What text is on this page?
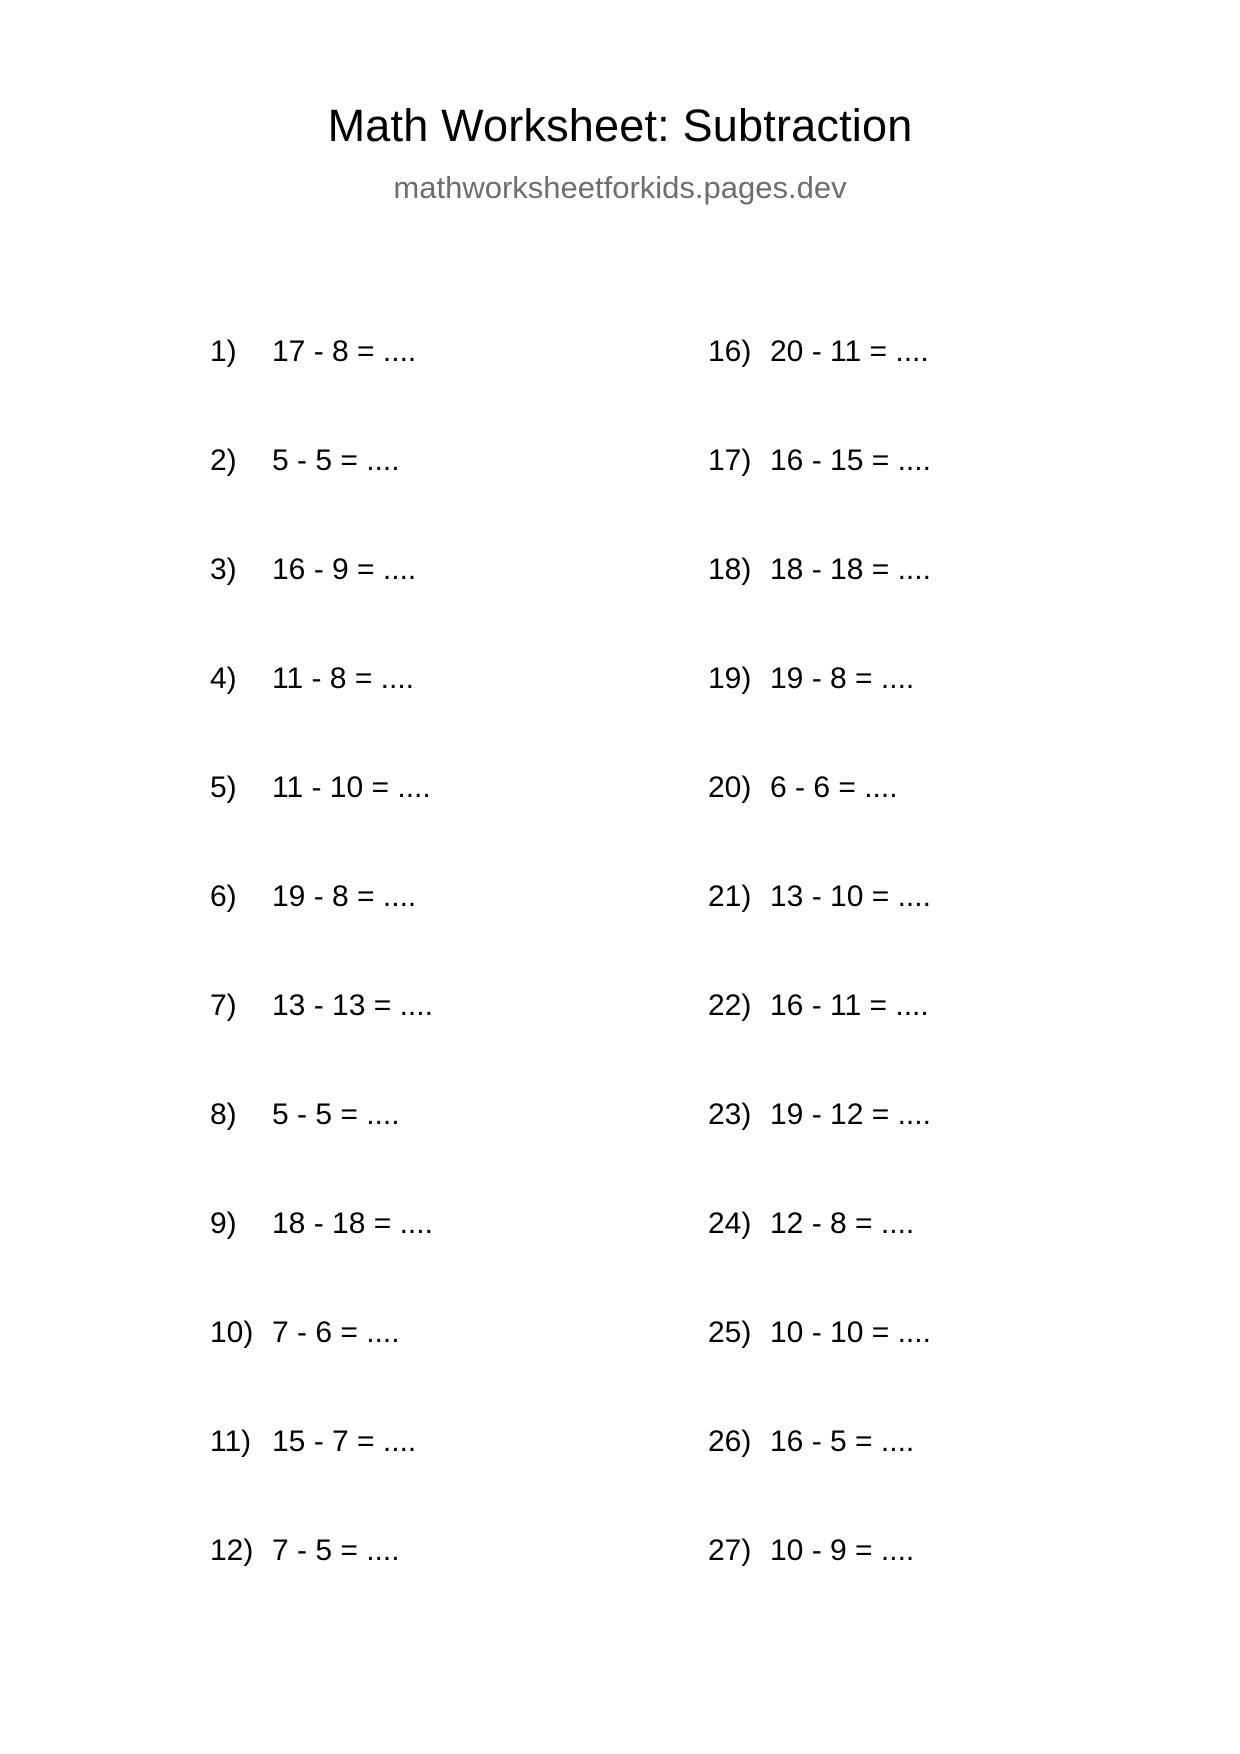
Math Worksheet: Subtraction
mathworksheetforkids.pages.dev
1)	17 - 8 = ....	16) 20 - 11 = ....
2)	5 - 5 = ....	17) 16 - 15 = ....
3)	16 - 9 = ....	18) 18 - 18 = ....
4)	11 - 8 = ....	19) 19 - 8 = ....
5)	11 - 10 = ....	20) 6 - 6 = ....
6)	19 - 8 = ....	21) 13 - 10 = ....
7)	13 - 13 = ....	22) 16 - 11 = ....
8)	5 - 5 = ....	23) 19 - 12 = ....
9)	18 - 18 = ....	24) 12 - 8 = ....
10) 7 - 6 = ....	25) 10 - 10 = ....
11) 15 - 7 = ....	26) 16 - 5 = ....
12) 7 - 5 = ....	27) 10 - 9 = ....
